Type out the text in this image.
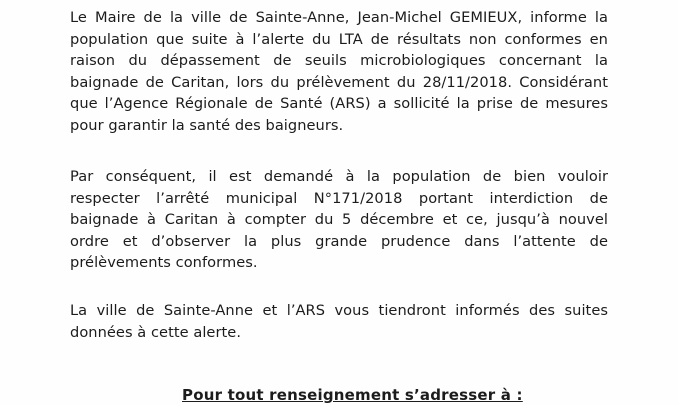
Le Maire de la ville de Sainte-Anne, Jean-Michel GEMIEUX, informe la
population que suite à l’alerte du LTA de résultats non conformes en
raison du dépassement de seuils microbiologiques concernant la
baignade de Caritan, lors du prélèvement du 28/11/2018. Considérant
que l’Agence Régionale de Santé (ARS) a sollicité la prise de mesures
pour garantir la santé des baigneurs.
Par conséquent, il est demandé à la population de bien vouloir
respecter l’arrêté municipal N°171/2018 portant interdiction de
baignade à Caritan à compter du 5 décembre et ce, jusqu’à nouvel
ordre et d’observer la plus grande prudence dans l’attente de
prélèvements conformes.
La ville de Sainte-Anne et l’ARS vous tiendront informés des suites
données à cette alerte.
Pour tout renseignement s’adresser à :
